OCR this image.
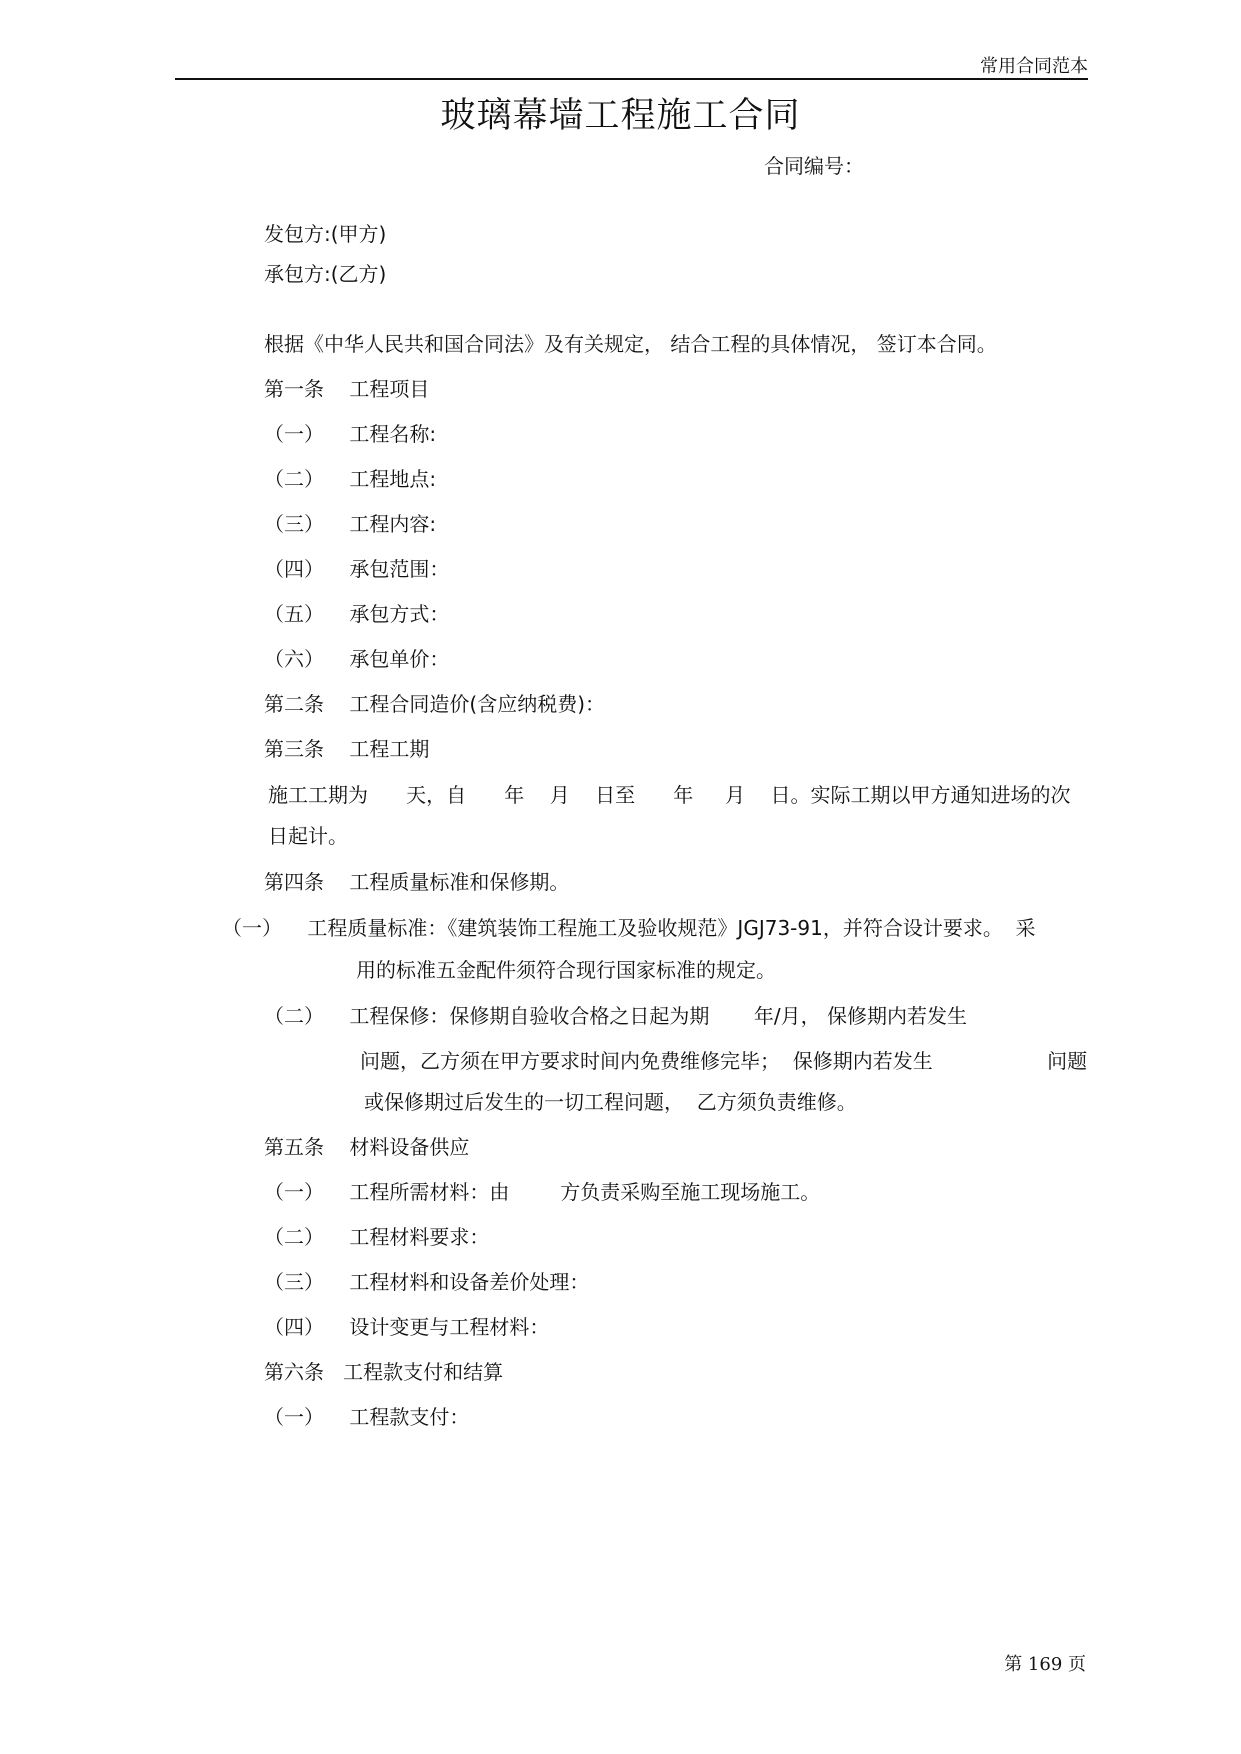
常用合同范本
玻璃幕墙工程施工合同
合同编号：
发包方:(甲方)
承包方:(乙方)
根据《中华人民共和国合同法》及有关规定， 结合工程的具体情况， 签订本合同。
第一条    工程项目
（一）    工程名称:
（二）    工程地点:
（三）    工程内容:
（四）    承包范围：
（五）    承包方式：
（六）    承包单价：
第二条    工程合同造价(含应纳税费)：
第三条    工程工期
施工工期为      天，自      年    月    日至      年     月    日。实际工期以甲方通知进场的次
日起计。
第四条    工程质量标准和保修期。
（一）    工程质量标准：《建筑装饰工程施工及验收规范》JGJ73-91，并符合设计要求。  采
用的标准五金配件须符合现行国家标准的规定。
（二）    工程保修：保修期自验收合格之日起为期       年/月， 保修期内若发生
问题，乙方须在甲方要求时间内免费维修完毕；  保修期内若发生                  问题
或保修期过后发生的一切工程问题，  乙方须负责维修。
第五条    材料设备供应
（一）    工程所需材料：由        方负责采购至施工现场施工。
（二）    工程材料要求：
（三）    工程材料和设备差价处理：
（四）    设计变更与工程材料：
第六条   工程款支付和结算
（一）    工程款支付：
第 169 页
